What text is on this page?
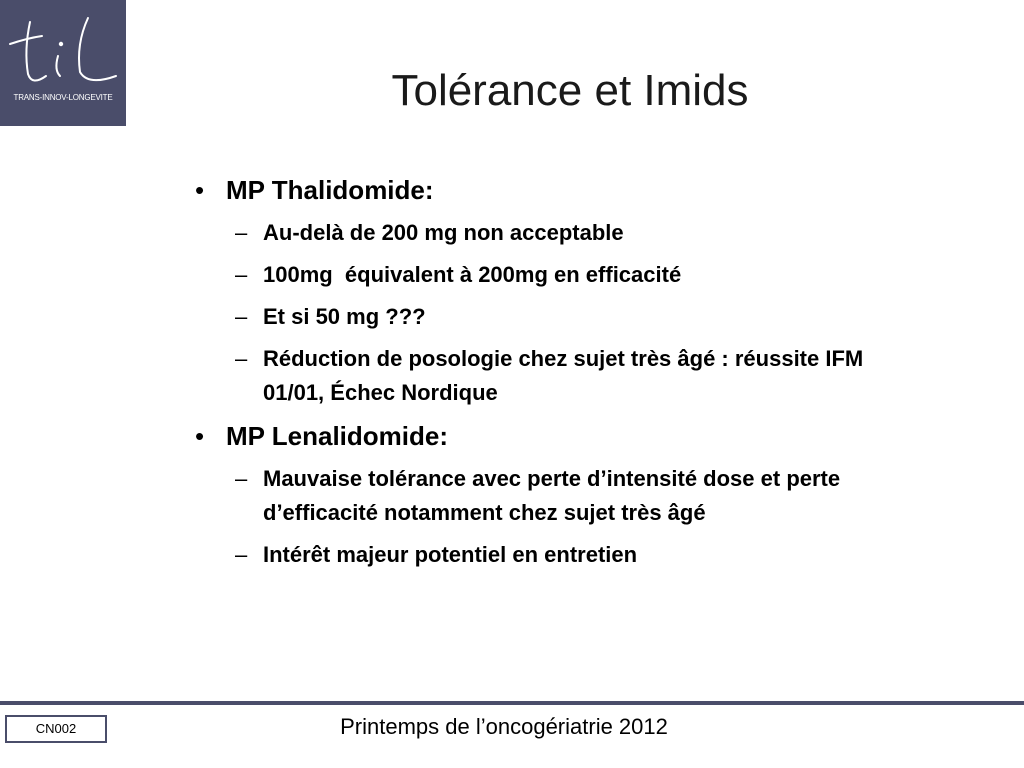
TRANS-INNOV-LONGEVITE	Tolérance et Imids
• MP Thalidomide:
– Au-delà de 200 mg non acceptable
– 100mg  équivalent à 200mg en efficacité
– Et si 50 mg ???
– Réduction de posologie chez sujet très âgé : réussite IFM 01/01, Échec Nordique
• MP Lenalidomide:
– Mauvaise tolérance avec perte d’intensité dose et perte d’efficacité notamment chez sujet très âgé
– Intérêt majeur potentiel en entretien
CN002	Printemps de l’oncogériatrie 2012
